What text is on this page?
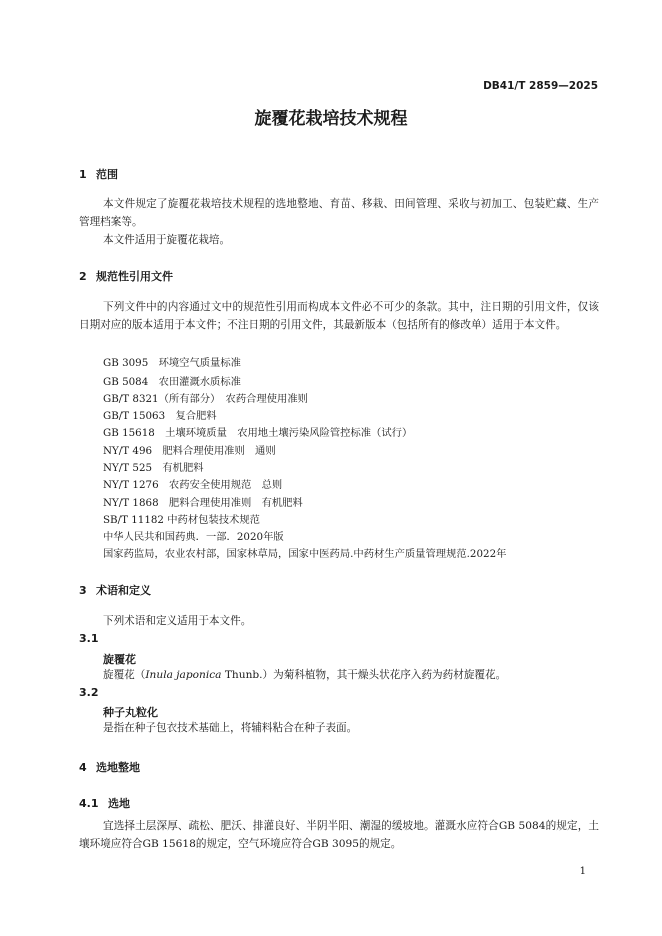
DB41/T 2859—2025
旋覆花栽培技术规程
1 范围
本文件规定了旋覆花栽培技术规程的选地整地、育苗、移栽、田间管理、采收与初加工、包装贮藏、生产管理档案等。
本文件适用于旋覆花栽培。
2 规范性引用文件
下列文件中的内容通过文中的规范性引用而构成本文件必不可少的条款。其中，注日期的引用文件，仅该日期对应的版本适用于本文件；不注日期的引用文件，其最新版本（包括所有的修改单）适用于本文件。
GB 3095　环境空气质量标准
GB 5084　农田灌溉水质标准
GB/T 8321（所有部分）　农药合理使用准则
GB/T 15063　复合肥料
GB 15618　土壤环境质量　农用地土壤污染风险管控标准（试行）
NY/T 496　肥料合理使用准则　通则
NY/T 525　有机肥料
NY/T 1276　农药安全使用规范　总则
NY/T 1868　肥料合理使用准则　有机肥料
SB/T 11182 中药材包装技术规范
中华人民共和国药典．一部．2020年版
国家药监局，农业农村部，国家林草局，国家中医药局.中药材生产质量管理规范.2022年
3 术语和定义
下列术语和定义适用于本文件。
3.1
旋覆花
旋覆花（Inula japonica Thunb.）为菊科植物，其干燥头状花序入药为药材旋覆花。
3.2
种子丸粒化
是指在种子包衣技术基础上，将辅料粘合在种子表面。
4 选地整地
4.1 选地
宜选择土层深厚、疏松、肥沃、排灌良好、半阴半阳、潮湿的缓坡地。灌溉水应符合GB 5084的规定，土壤环境应符合GB 15618的规定，空气环境应符合GB 3095的规定。
1
